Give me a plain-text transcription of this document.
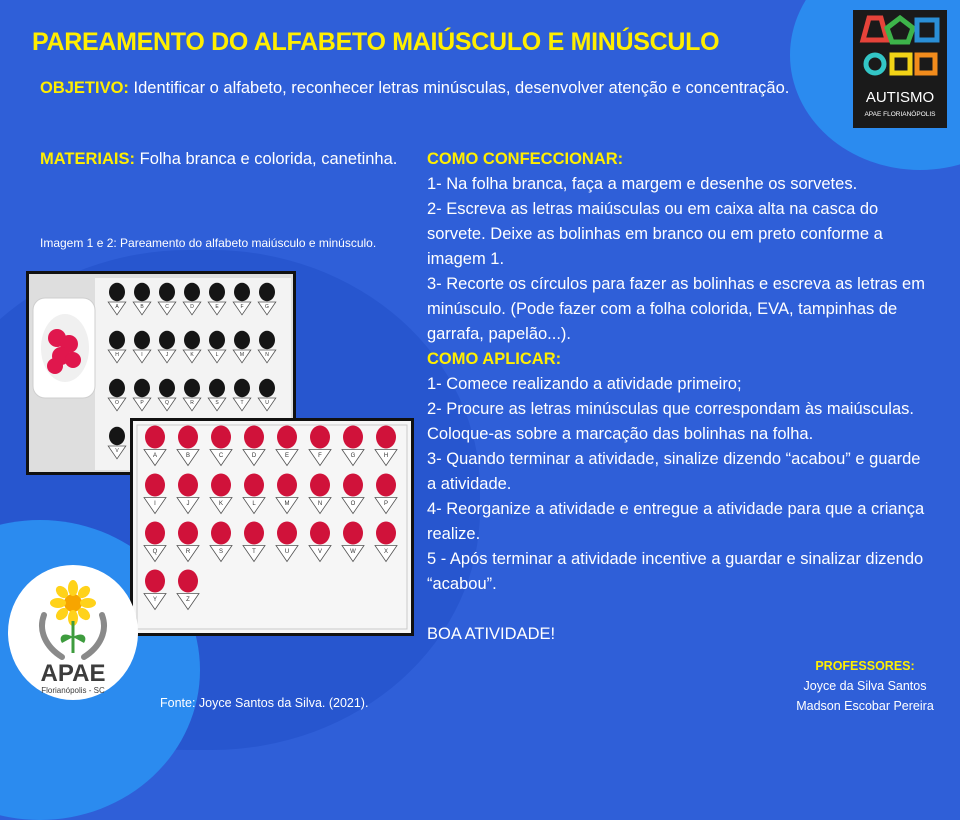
PAREAMENTO DO ALFABETO MAIÚSCULO E MINÚSCULO
OBJETIVO: Identificar o alfabeto, reconhecer letras minúsculas, desenvolver atenção e concentração.
MATERIAIS: Folha branca e colorida, canetinha.
Imagem 1 e 2: Pareamento do alfabeto maiúsculo e minúsculo.
A	B	C	D	E	F	G
H	I	J	K	L	M	N
O	P	Q	R	S	T	U
V
A	B	C	D	E	F	G	H
I	J	K	L	M	N	O	P
Q	R	S	T	U	V	W	X
Y	Z
AUTISMO
APAE FLORIANÓPOLIS
APAE
Florianópolis - SC

COMO CONFECCIONAR:

1- Na folha branca, faça a margem e desenhe os sorvetes.

2- Escreva as letras maiúsculas ou em caixa alta na casca do sorvete. Deixe as bolinhas em branco ou em preto conforme a imagem 1.

3- Recorte os círculos para fazer as bolinhas e escreva as letras em minúsculo. (Pode fazer com a folha colorida, EVA, tampinhas de garrafa, papelão...).

COMO APLICAR:

1- Comece realizando a atividade primeiro;

2- Procure as letras minúsculas que correspondam às maiúsculas. Coloque-as sobre a marcação das bolinhas na folha.

3- Quando terminar a atividade, sinalize dizendo “acabou” e guarde a atividade.

4- Reorganize a atividade e entregue a atividade para que a criança realize.

5 - Após terminar a atividade incentive a guardar e sinalizar dizendo “acabou”.

BOA ATIVIDADE!

Fonte: Joyce Santos da Silva. (2021).
PROFESSORES:
Joyce da Silva Santos
Madson Escobar Pereira
